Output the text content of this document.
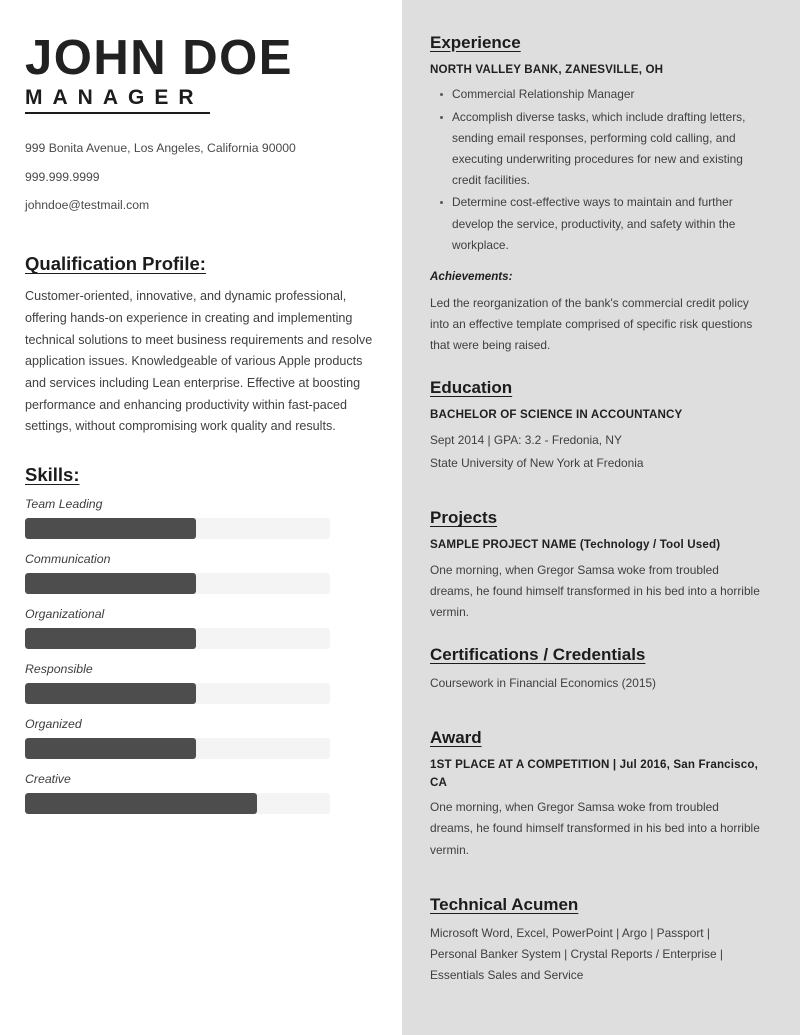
JOHN DOE
MANAGER
999 Bonita Avenue, Los Angeles, California 90000
999.999.9999
johndoe@testmail.com
Qualification Profile:

Customer-oriented, innovative, and dynamic professional, offering hands-on experience in creating and implementing technical solutions to meet business requirements and resolve application issues. Knowledgeable of various Apple products and services including Lean enterprise. Effective at boosting performance and enhancing productivity within fast-paced settings, without compromising work quality and results.

Skills:
Team Leading
Communication
Organizational
Responsible
Organized
Creative
Experience
NORTH VALLEY BANK, ZANESVILLE, OH
Commercial Relationship Manager
Accomplish diverse tasks, which include drafting letters, sending email responses, performing cold calling, and executing underwriting procedures for new and existing credit facilities.
Determine cost-effective ways to maintain and further develop the service, productivity, and safety within the workplace.
Achievements:

Led the reorganization of the bank's commercial credit policy into an effective template comprised of specific risk questions that were being raised.

Education
BACHELOR OF SCIENCE IN ACCOUNTANCY

Sept 2014 | GPA: 3.2 - Fredonia, NY

State University of New York at Fredonia

Projects
SAMPLE PROJECT NAME (Technology / Tool Used)

One morning, when Gregor Samsa woke from troubled dreams, he found himself transformed in his bed into a horrible vermin.

Certifications / Credentials

Coursework in Financial Economics (2015)

Award
1ST PLACE AT A COMPETITION | Jul 2016, San Francisco, CA

One morning, when Gregor Samsa woke from troubled dreams, he found himself transformed in his bed into a horrible vermin.

Technical Acumen

Microsoft Word, Excel, PowerPoint | Argo | Passport | Personal Banker System | Crystal Reports / Enterprise | Essentials Sales and Service
